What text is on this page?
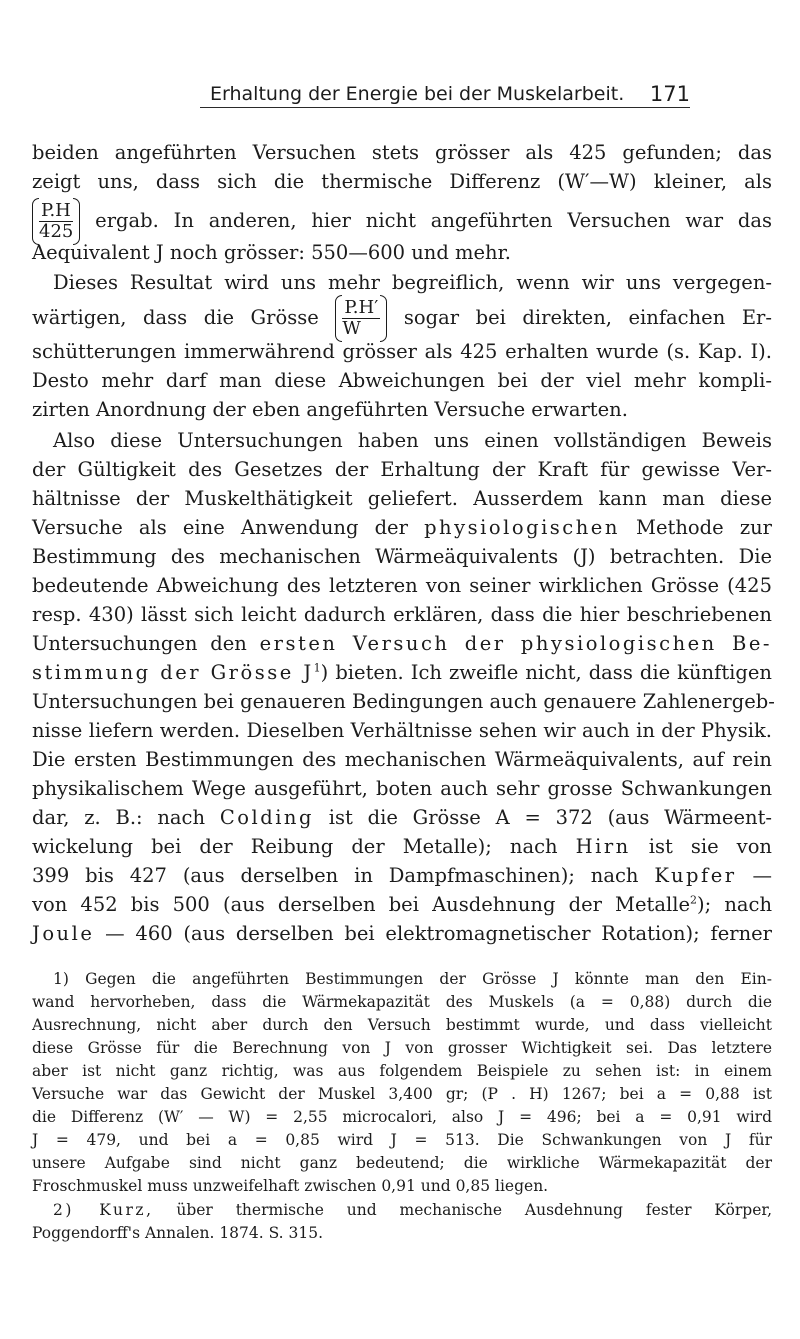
Erhaltung der Energie bei der Muskelarbeit. 171
beiden angeführten Versuchen stets grösser als 425 gefunden; das
zeigt uns, dass sich die thermische Differenz (W′—W) kleiner, als
$\frac{P.H}{425}$ ergab. In anderen, hier nicht angeführten Versuchen war das
Aequivalent J noch grösser: 550—600 und mehr.
Dieses Resultat wird uns mehr begreiflich, wenn wir uns vergegen-
wärtigen, dass die Grösse $\frac{P.H'}{W}$ sogar bei direkten, einfachen Er-
schütterungen immerwährend grösser als 425 erhalten wurde (s. Kap. I).
Desto mehr darf man diese Abweichungen bei der viel mehr kompli-
zirten Anordnung der eben angeführten Versuche erwarten.
Also diese Untersuchungen haben uns einen vollständigen Beweis
der Gültigkeit des Gesetzes der Erhaltung der Kraft für gewisse Ver-
hältnisse der Muskelthätigkeit geliefert. Ausserdem kann man diese
Versuche als eine Anwendung der physiologischen Methode zur
Bestimmung des mechanischen Wärmeäquivalents (J) betrachten. Die
bedeutende Abweichung des letzteren von seiner wirklichen Grösse (425
resp. 430) lässt sich leicht dadurch erklären, dass die hier beschriebenen
Untersuchungen den ersten Versuch der physiologischen Be-
stimmung der Grösse $J^1$) bieten. Ich zweifle nicht, dass die künftigen
Untersuchungen bei genaueren Bedingungen auch genauere Zahlenergeb-
nisse liefern werden. Dieselben Verhältnisse sehen wir auch in der Physik.
Die ersten Bestimmungen des mechanischen Wärmeäquivalents, auf rein
physikalischem Wege ausgeführt, boten auch sehr grosse Schwankungen
dar, z. B.: nach Colding ist die Grösse A = 372 (aus Wärmeent-
wickelung bei der Reibung der Metalle); nach Hirn ist sie von
399 bis 427 (aus derselben in Dampfmaschinen); nach Kupfer —
von 452 bis 500 (aus derselben bei Ausdehnung der Metalle$^2$); nach
Joule — 460 (aus derselben bei elektromagnetischer Rotation); ferner
1) Gegen die angeführten Bestimmungen der Grösse J könnte man den Ein-
wand hervorheben, dass die Wärmekapazität des Muskels (a = 0,88) durch die
Ausrechnung, nicht aber durch den Versuch bestimmt wurde, und dass vielleicht
diese Grösse für die Berechnung von J von grosser Wichtigkeit sei. Das letztere
aber ist nicht ganz richtig, was aus folgendem Beispiele zu sehen ist: in einem
Versuche war das Gewicht der Muskel 3,400 gr; (P . H) 1267; bei a = 0,88 ist
die Differenz (W′ — W) = 2,55 microcalori, also J = 496; bei a = 0,91 wird
J = 479, und bei a = 0,85 wird J = 513. Die Schwankungen von J für
unsere Aufgabe sind nicht ganz bedeutend; die wirkliche Wärmekapazität der
Froschmuskel muss unzweifelhaft zwischen 0,91 und 0,85 liegen.
2) Kurz, über thermische und mechanische Ausdehnung fester Körper,
Poggendorff's Annalen. 1874. S. 315.
